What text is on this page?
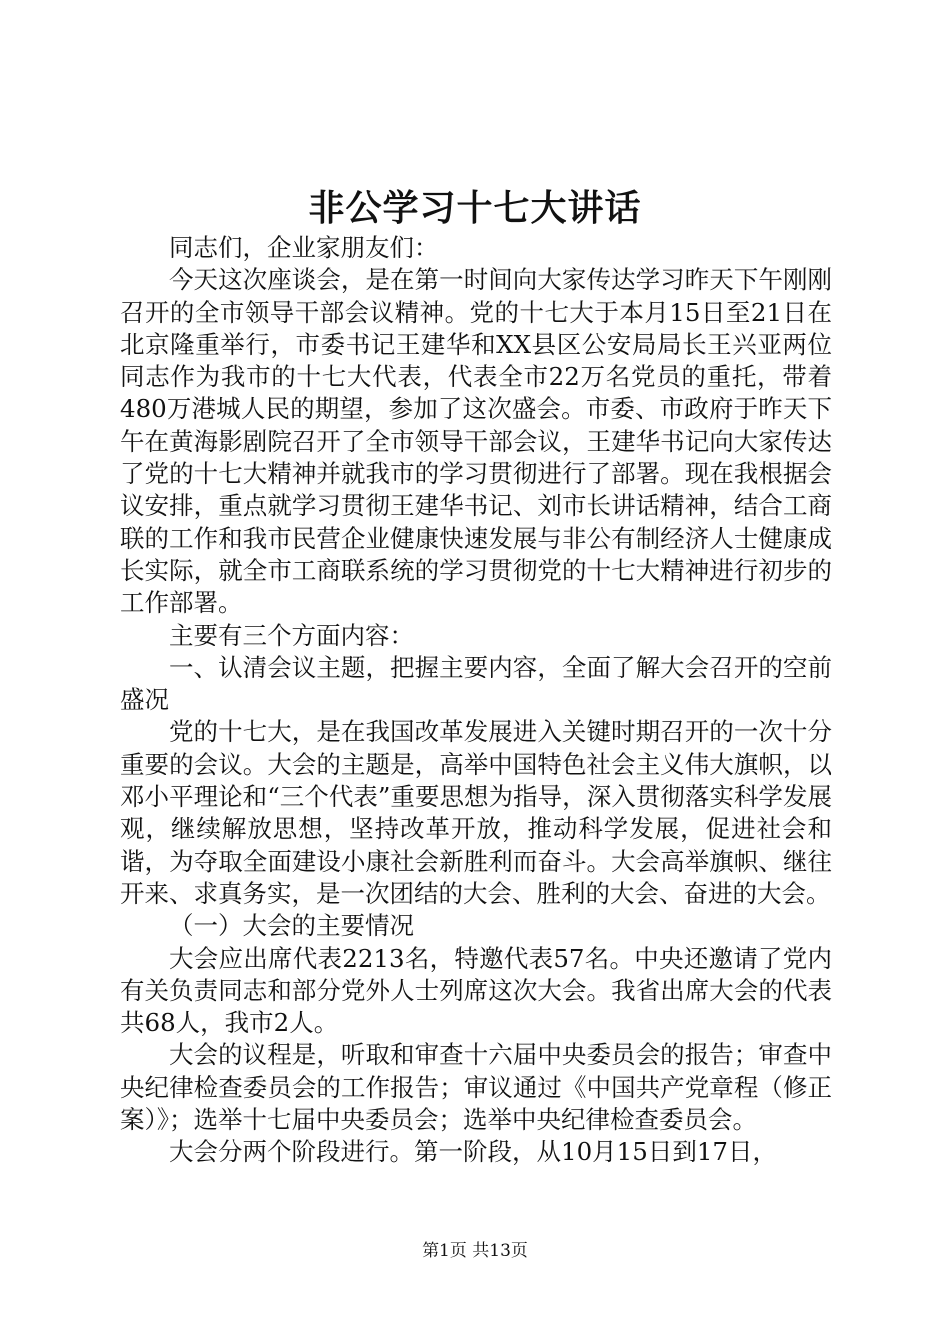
非公学习十七大讲话

同志们，企业家朋友们：

今天这次座谈会，是在第一时间向大家传达学习昨天下午刚刚召开的全市领导干部会议精神。党的十七大于本月15日至21日在北京隆重举行，市委书记王建华和XX县区公安局局长王兴亚两位同志作为我市的十七大代表，代表全市22万名党员的重托，带着480万港城人民的期望，参加了这次盛会。市委、市政府于昨天下午在黄海影剧院召开了全市领导干部会议，王建华书记向大家传达了党的十七大精神并就我市的学习贯彻进行了部署。现在我根据会议安排，重点就学习贯彻王建华书记、刘市长讲话精神，结合工商联的工作和我市民营企业健康快速发展与非公有制经济人士健康成长实际，就全市工商联系统的学习贯彻党的十七大精神进行初步的工作部署。

主要有三个方面内容：

一、认清会议主题，把握主要内容，全面了解大会召开的空前盛况

党的十七大，是在我国改革发展进入关键时期召开的一次十分重要的会议。大会的主题是，高举中国特色社会主义伟大旗帜，以邓小平理论和“三个代表”重要思想为指导，深入贯彻落实科学发展观，继续解放思想，坚持改革开放，推动科学发展，促进社会和谐，为夺取全面建设小康社会新胜利而奋斗。大会高举旗帜、继往开来、求真务实，是一次团结的大会、胜利的大会、奋进的大会。

（一）大会的主要情况

大会应出席代表2213名，特邀代表57名。中央还邀请了党内有关负责同志和部分党外人士列席这次大会。我省出席大会的代表共68人，我市2人。

大会的议程是，听取和审查十六届中央委员会的报告；审查中央纪律检查委员会的工作报告；审议通过《中国共产党章程（修正案）》；选举十七届中央委员会；选举中央纪律检查委员会。

大会分两个阶段进行。第一阶段，从10月15日到17日，

第1页 共13页
